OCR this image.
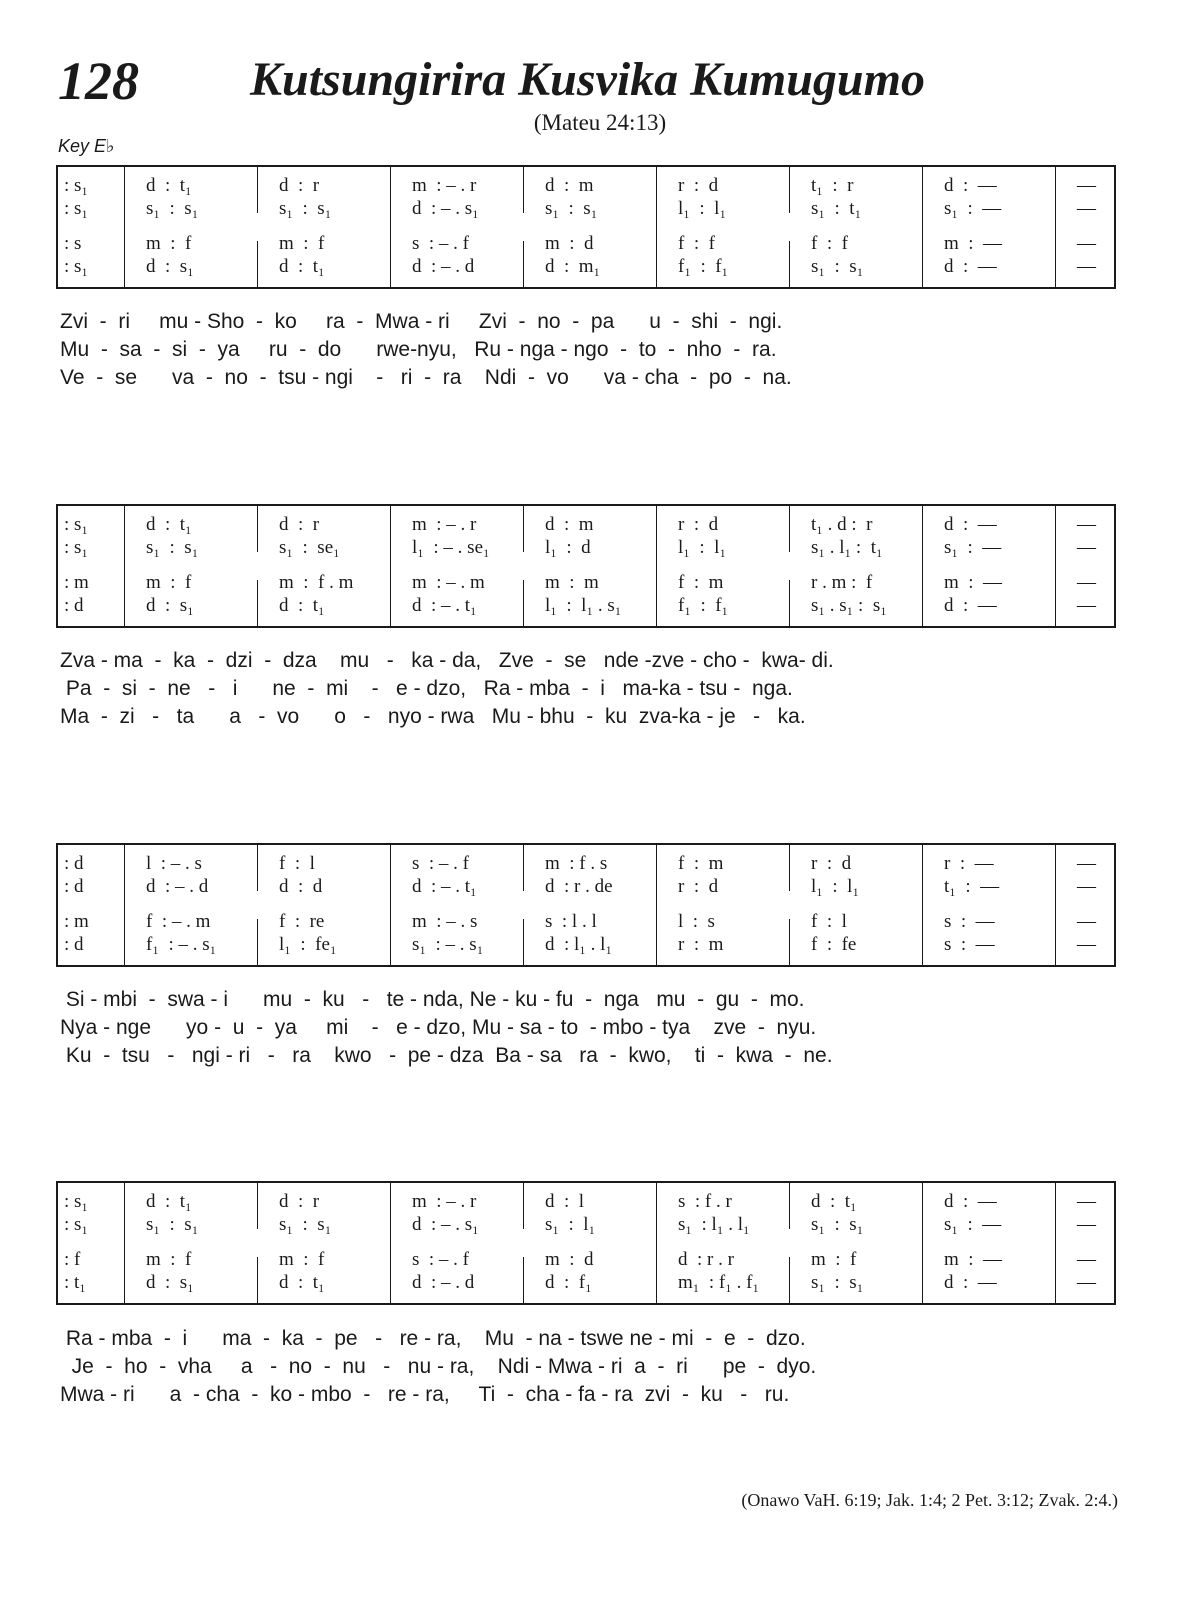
128 Kutsungirira Kusvika Kumugumo
(Mateu 24:13)
Key E♭
: s₁	d  :  t₁	d  :  r	m  : – . r	d  :  m	r  :  d	t₁  :  r	d  :  —	—
: s₁	s₁  :  s₁	s₁  :  s₁	d  : – . s₁	s₁  :  s₁	l₁  :  l₁	s₁  :  t₁	s₁  :  —	—
: s	m  :  f	m  :  f	s  : – . f	m  :  d	f  :  f	f  :  f	m  :  —	—
: s₁	d  :  s₁	d  :  t₁	d  : – . d	d  :  m₁	f₁  :  f₁	s₁  :  s₁	d  :  —	—
Zvi  -  ri     mu - Sho  -  ko     ra  -  Mwa - ri     Zvi  -  no  -  pa      u  -  shi  -  ngi.
Mu  -  sa  -  si  -  ya     ru  -  do      rwe-nyu,   Ru - nga - ngo  -  to  -  nho  -  ra.
Ve  -  se      va  -  no  -  tsu - ngi    -   ri  -  ra    Ndi  -  vo      va - cha  -  po  -  na.
: s₁	d  :  t₁	d  :  r	m  : – . r	d  :  m	r  :  d	t₁ . d :  r	d  :  —	—
: s₁	s₁  :  s₁	s₁  :  se₁	l₁  : – . se₁	l₁  :  d	l₁  :  l₁	s₁ . l₁ :  t₁	s₁  :  —	—
: m	m  :  f	m  :  f . m	m  : – . m	m  :  m	f  :  m	r . m :  f	m  :  —	—
: d	d  :  s₁	d  :  t₁	d  : – . t₁	l₁  :  l₁ . s₁	f₁  :  f₁	s₁ . s₁ :  s₁	d  :  —	—
Zva - ma  -  ka  -  dzi  -  dza    mu   -   ka - da,   Zve  -  se   nde -zve - cho -  kwa- di.
Pa  -  si  -  ne   -   i      ne  -  mi    -   e - dzo,   Ra - mba  -  i   ma-ka - tsu -  nga.
Ma  -  zi   -   ta      a   -  vo      o   -   nyo - rwa   Mu - bhu  -  ku  zva-ka - je   -   ka.
: d	l  : – . s	f  :  l	s  : – . f	m  : f . s	f  :  m	r  :  d	r  :  —	—
: d	d  : – . d	d  :  d	d  : – . t₁	d  : r . de	r  :  d	l₁  :  l₁	t₁  :  —	—
: m	f  : – . m	f  :  re	m  : – . s	s  : l . l	l  :  s	f  :  l	s  :  —	—
: d	f₁  : – . s₁	l₁  :  fe₁	s₁  : – . s₁	d  : l₁ . l₁	r  :  m	f  :  fe	s  :  —	—
Si - mbi  -  swa - i      mu  -  ku   -   te - nda, Ne - ku - fu  -  nga   mu  -  gu  -  mo.
Nya - nge      yo -  u  -  ya     mi    -   e - dzo, Mu - sa - to  - mbo - tya    zve  -  nyu.
Ku  -  tsu   -   ngi - ri   -   ra    kwo   -  pe - dza  Ba - sa   ra  -  kwo,    ti  -  kwa  -  ne.
: s₁	d  :  t₁	d  :  r	m  : – . r	d  :  l	s  : f . r	d  :  t₁	d  :  —	—
: s₁	s₁  :  s₁	s₁  :  s₁	d  : – . s₁	s₁  :  l₁	s₁  : l₁ . l₁	s₁  :  s₁	s₁  :  —	—
: f	m  :  f	m  :  f	s  : – . f	m  :  d	d  : r . r	m  :  f	m  :  —	—
: t₁	d  :  s₁	d  :  t₁	d  : – . d	d  :  f₁	m₁  : f₁ . f₁	s₁  :  s₁	d  :  —	—
Ra - mba  -  i      ma  -  ka  -  pe   -   re - ra,    Mu  - na - tswe ne - mi  -  e  -  dzo.
Je  -  ho  -  vha     a   -  no  -  nu   -   nu - ra,    Ndi - Mwa - ri  a  -  ri      pe  -  dyo.
Mwa - ri      a  - cha  -  ko - mbo  -   re - ra,     Ti  -  cha - fa - ra  zvi  -  ku   -   ru.
(Onawo VaH. 6:19; Jak. 1:4; 2 Pet. 3:12; Zvak. 2:4.)
